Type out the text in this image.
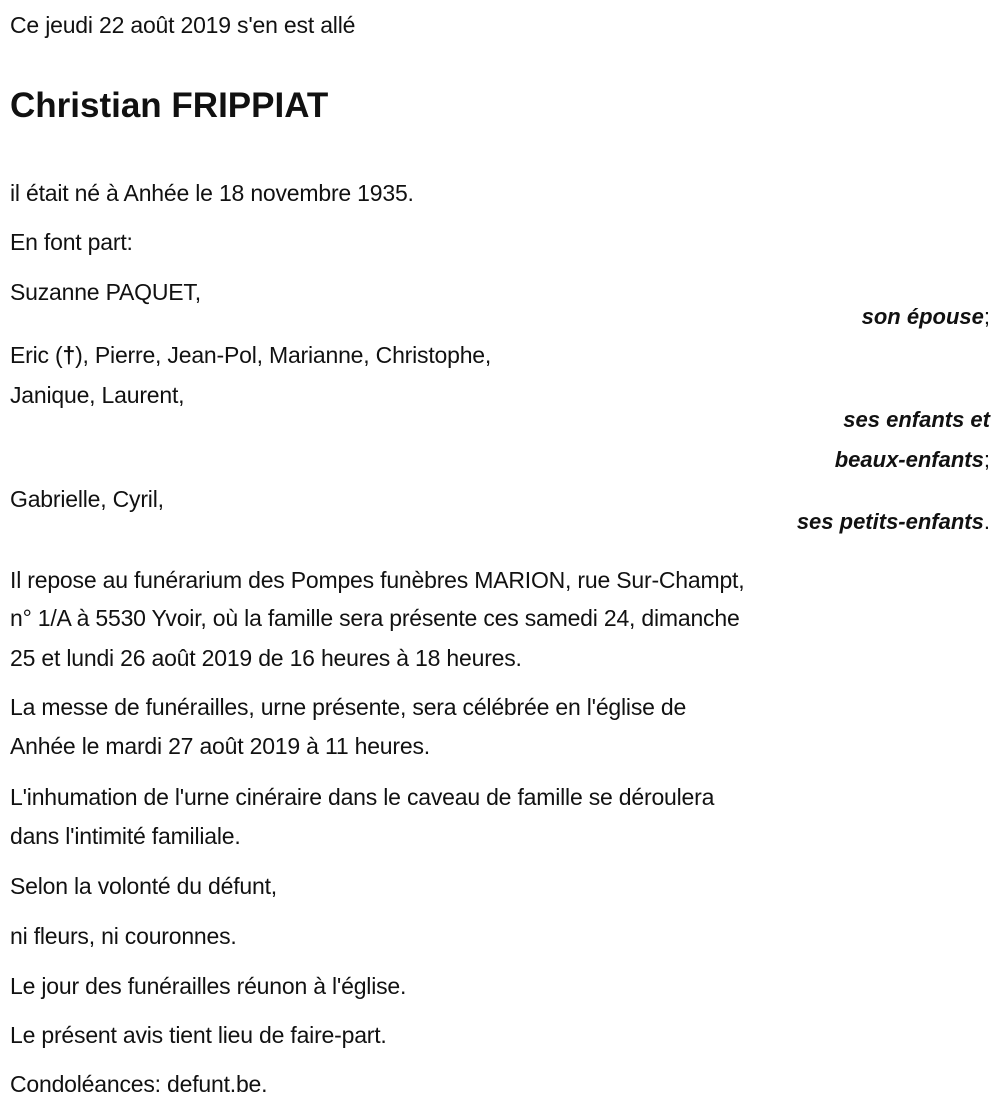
Ce jeudi 22 août 2019 s'en est allé
Christian FRIPPIAT
il était né à Anhée le 18 novembre 1935.
En font part:
Suzanne PAQUET,
son épouse;
Eric (†), Pierre, Jean-Pol, Marianne, Christophe,
Janique, Laurent,
ses enfants et
beaux-enfants;
Gabrielle, Cyril,
ses petits-enfants.
Il repose au funérarium des Pompes funèbres MARION, rue Sur-Champt,
n° 1/A à 5530 Yvoir, où la famille sera présente ces samedi 24, dimanche
25 et lundi 26 août 2019 de 16 heures à 18 heures.
La messe de funérailles, urne présente, sera célébrée en l'église de
Anhée le mardi 27 août 2019 à 11 heures.
L'inhumation de l'urne cinéraire dans le caveau de famille se déroulera
dans l'intimité familiale.
Selon la volonté du défunt,
ni fleurs, ni couronnes.
Le jour des funérailles réunon à l'église.
Le présent avis tient lieu de faire-part.
Condoléances: defunt.be.
